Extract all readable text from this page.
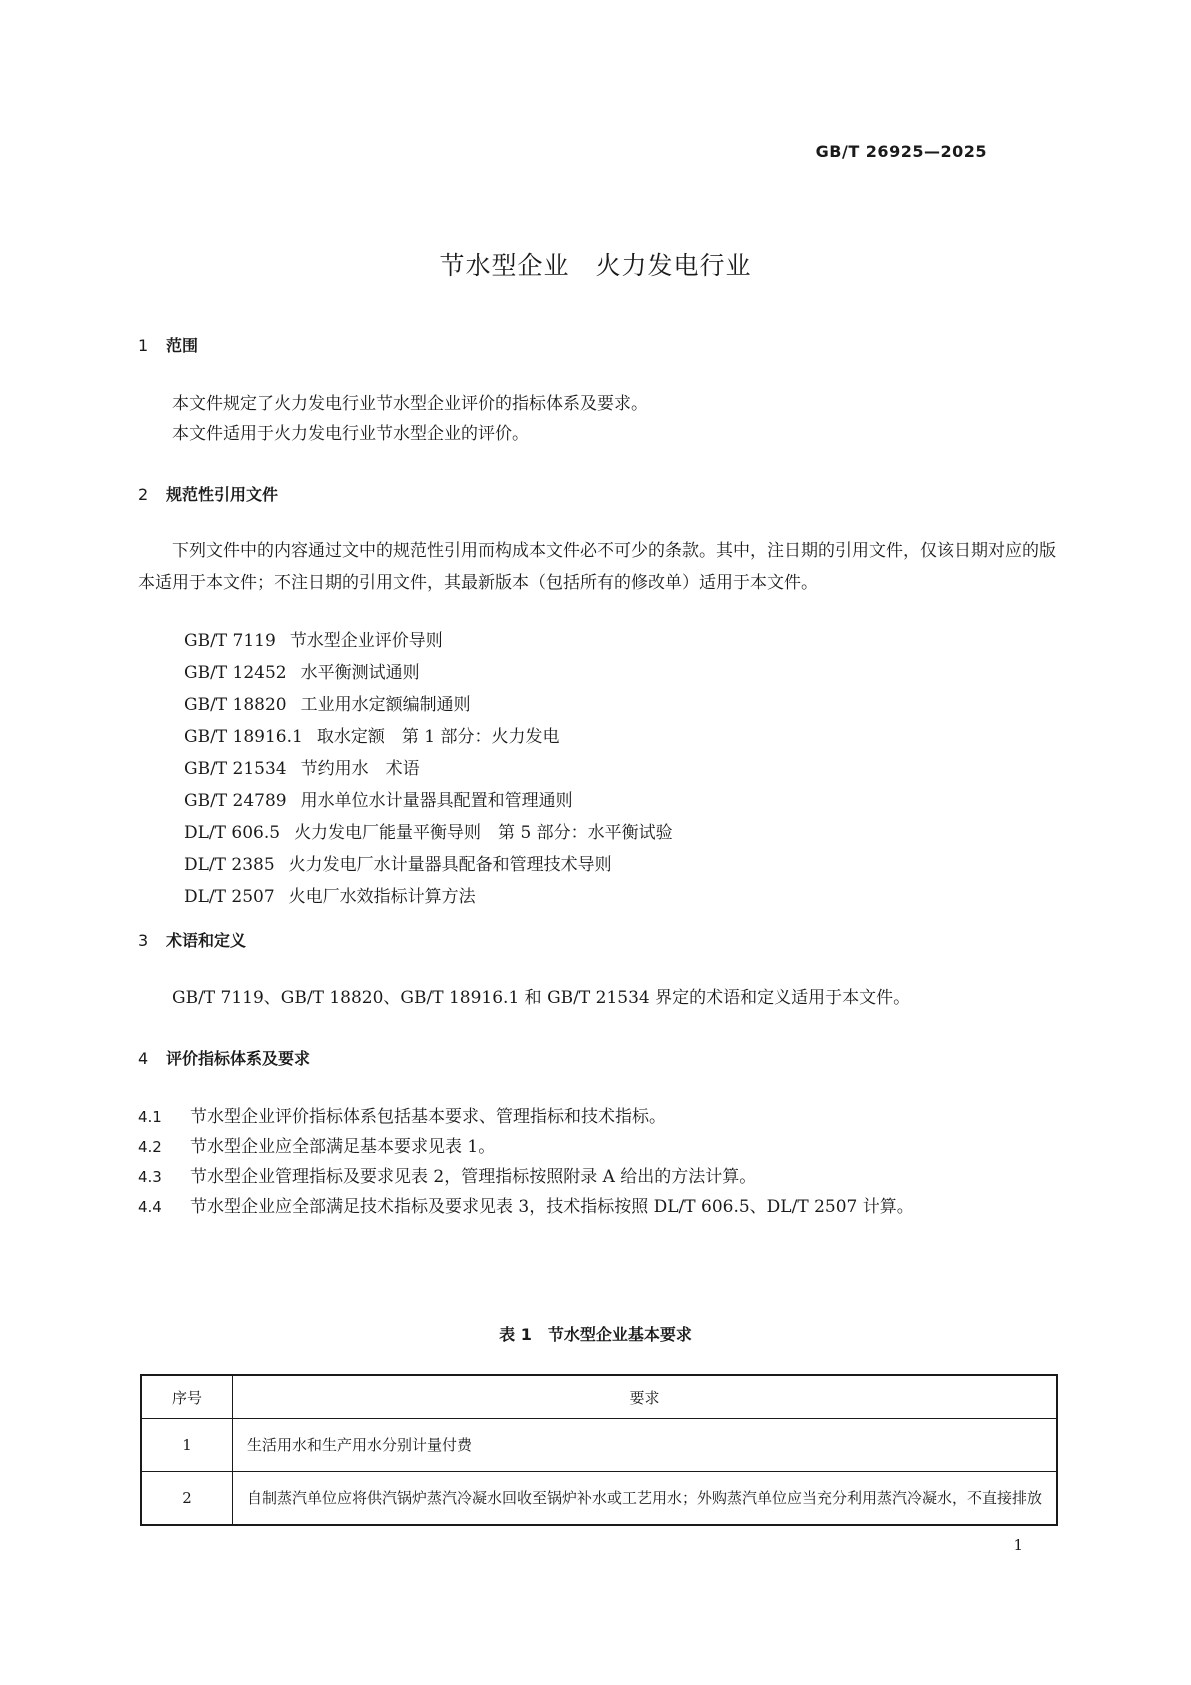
GB/T 26925—2025
节水型企业　火力发电行业
1 范围
本文件规定了火力发电行业节水型企业评价的指标体系及要求。
本文件适用于火力发电行业节水型企业的评价。
2 规范性引用文件
下列文件中的内容通过文中的规范性引用而构成本文件必不可少的条款。其中，注日期的引用文件，仅该日期对应的版本适用于本文件；不注日期的引用文件，其最新版本（包括所有的修改单）适用于本文件。
GB/T 7119 节水型企业评价导则
GB/T 12452 水平衡测试通则
GB/T 18820 工业用水定额编制通则
GB/T 18916.1 取水定额　第 1 部分：火力发电
GB/T 21534 节约用水　术语
GB/T 24789 用水单位水计量器具配置和管理通则
DL/T 606.5 火力发电厂能量平衡导则　第 5 部分：水平衡试验
DL/T 2385 火力发电厂水计量器具配备和管理技术导则
DL/T 2507 火电厂水效指标计算方法
3 术语和定义
GB/T 7119、GB/T 18820、GB/T 18916.1 和 GB/T 21534 界定的术语和定义适用于本文件。
4 评价指标体系及要求
4.1 节水型企业评价指标体系包括基本要求、管理指标和技术指标。
4.2 节水型企业应全部满足基本要求见表 1。
4.3 节水型企业管理指标及要求见表 2，管理指标按照附录 A 给出的方法计算。
4.4 节水型企业应全部满足技术指标及要求见表 3，技术指标按照 DL/T 606.5、DL/T 2507 计算。
表 1　节水型企业基本要求
序号	要求
1	生活用水和生产用水分别计量付费
2	自制蒸汽单位应将供汽锅炉蒸汽冷凝水回收至锅炉补水或工艺用水；外购蒸汽单位应当充分利用蒸汽冷凝水，不直接排放
1
